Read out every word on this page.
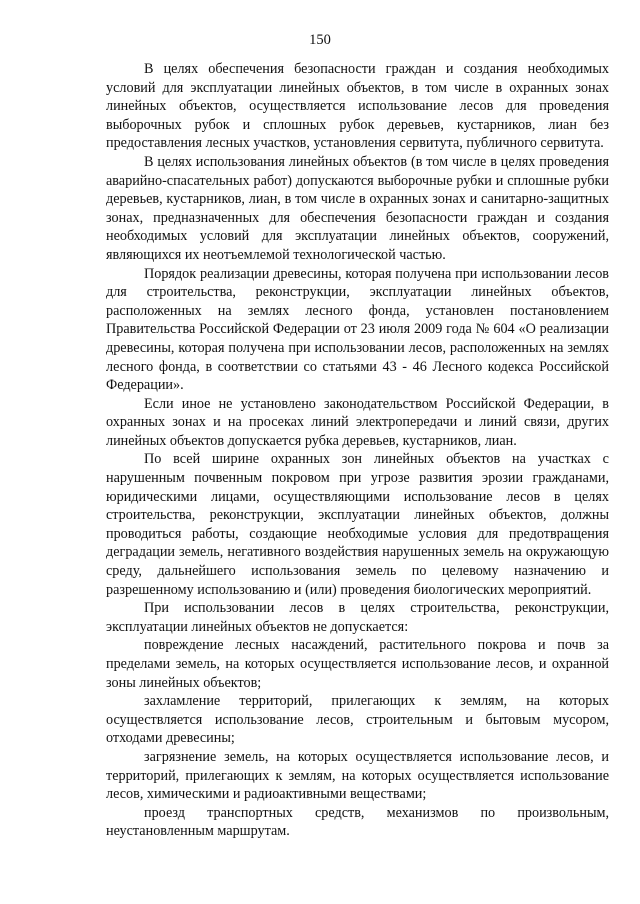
150

В целях обеспечения безопасности граждан и создания необходимых условий для эксплуатации линейных объектов, в том числе в охранных зонах линейных объектов, осуществляется использование лесов для проведения выборочных рубок и сплошных рубок деревьев, кустарников, лиан без предоставления лесных участков, установления сервитута, публичного сервитута.

В целях использования линейных объектов (в том числе в целях проведения аварийно-спасательных работ) допускаются выборочные рубки и сплошные рубки деревьев, кустарников, лиан, в том числе в охранных зонах и санитарно-защитных зонах, предназначенных для обеспечения безопасности граждан и создания необходимых условий для эксплуатации линейных объектов, сооружений, являющихся их неотъемлемой технологической частью.

Порядок реализации древесины, которая получена при использовании лесов для строительства, реконструкции, эксплуатации линейных объектов, расположенных на землях лесного фонда, установлен постановлением Правительства Российской Федерации от 23 июля 2009 года № 604 «О реализации древесины, которая получена при использовании лесов, расположенных на землях лесного фонда, в соответствии со статьями 43 - 46 Лесного кодекса Российской Федерации».

Если иное не установлено законодательством Российской Федерации, в охранных зонах и на просеках линий электропередачи и линий связи, других линейных объектов допускается рубка деревьев, кустарников, лиан.

По всей ширине охранных зон линейных объектов на участках с нарушенным почвенным покровом при угрозе развития эрозии гражданами, юридическими лицами, осуществляющими использование лесов в целях строительства, реконструкции, эксплуатации линейных объектов, должны проводиться работы, создающие необходимые условия для предотвращения деградации земель, негативного воздействия нарушенных земель на окружающую среду, дальнейшего использования земель по целевому назначению и разрешенному использованию и (или) проведения биологических мероприятий.

При использовании лесов в целях строительства, реконструкции, эксплуатации линейных объектов не допускается:

повреждение лесных насаждений, растительного покрова и почв за пределами земель, на которых осуществляется использование лесов, и охранной зоны линейных объектов;

захламление территорий, прилегающих к землям, на которых осуществляется использование лесов, строительным и бытовым мусором, отходами древесины;

загрязнение земель, на которых осуществляется использование лесов, и территорий, прилегающих к землям, на которых осуществляется использование лесов, химическими и радиоактивными веществами;

проезд транспортных средств, механизмов по произвольным, неустановленным маршрутам.
